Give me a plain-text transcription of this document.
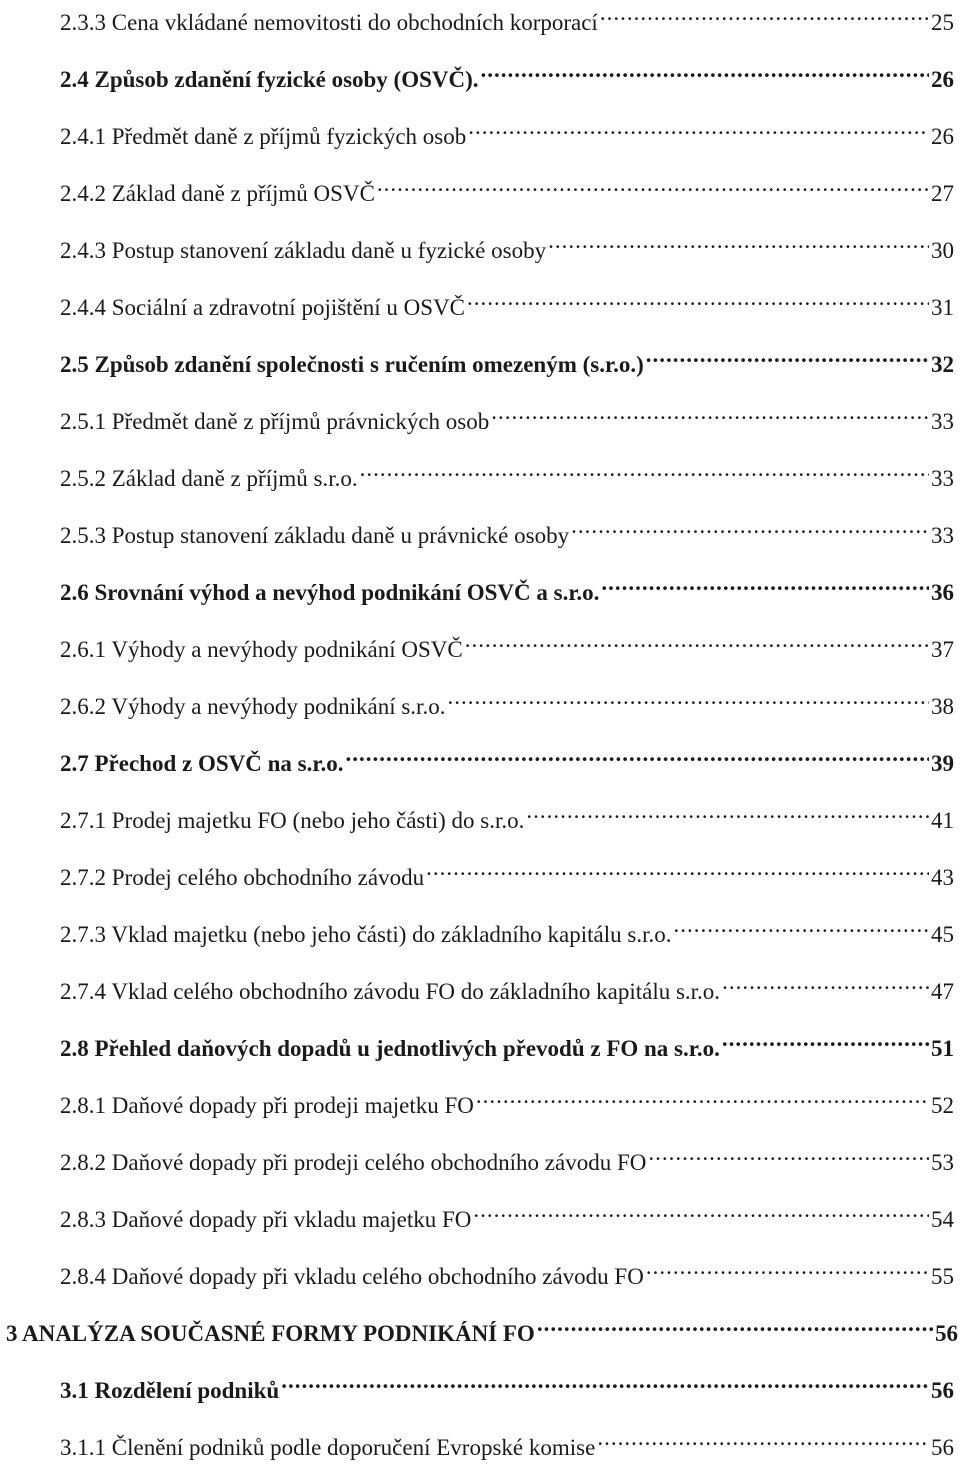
2.3.3 Cena vkládané nemovitosti do obchodních korporací .....	25
2.4 Způsob zdanění fyzické osoby (OSVČ). .....	26
2.4.1 Předmět daně z příjmů fyzických osob .....	26
2.4.2 Základ daně z příjmů OSVČ .....	27
2.4.3 Postup stanovení základu daně u fyzické osoby .....	30
2.4.4 Sociální a zdravotní pojištění u OSVČ .....	31
2.5 Způsob zdanění společnosti s ručením omezeným (s.r.o.) .....	32
2.5.1 Předmět daně z příjmů právnických osob .....	33
2.5.2 Základ daně z příjmů s.r.o. .....	33
2.5.3 Postup stanovení základu daně u právnické osoby .....	33
2.6 Srovnání výhod a nevýhod podnikání OSVČ a s.r.o. .....	36
2.6.1 Výhody a nevýhody podnikání OSVČ .....	37
2.6.2 Výhody a nevýhody podnikání s.r.o. .....	38
2.7 Přechod z OSVČ na s.r.o. .....	39
2.7.1 Prodej majetku FO (nebo jeho části) do s.r.o. .....	41
2.7.2 Prodej celého obchodního závodu .....	43
2.7.3 Vklad majetku (nebo jeho části) do základního kapitálu s.r.o. .....	45
2.7.4 Vklad celého obchodního závodu FO do základního kapitálu s.r.o. .....	47
2.8 Přehled daňových dopadů u jednotlivých převodů z FO na s.r.o. .....	51
2.8.1 Daňové dopady při prodeji majetku FO .....	52
2.8.2 Daňové dopady při prodeji celého obchodního závodu FO .....	53
2.8.3 Daňové dopady při vkladu majetku FO .....	54
2.8.4 Daňové dopady při vkladu celého obchodního závodu FO .....	55
3 ANALÝZA SOUČASNÉ FORMY PODNIKÁNÍ FO .....	56
3.1 Rozdělení podniků .....	56
3.1.1 Členění podniků podle doporučení Evropské komise .....	56
